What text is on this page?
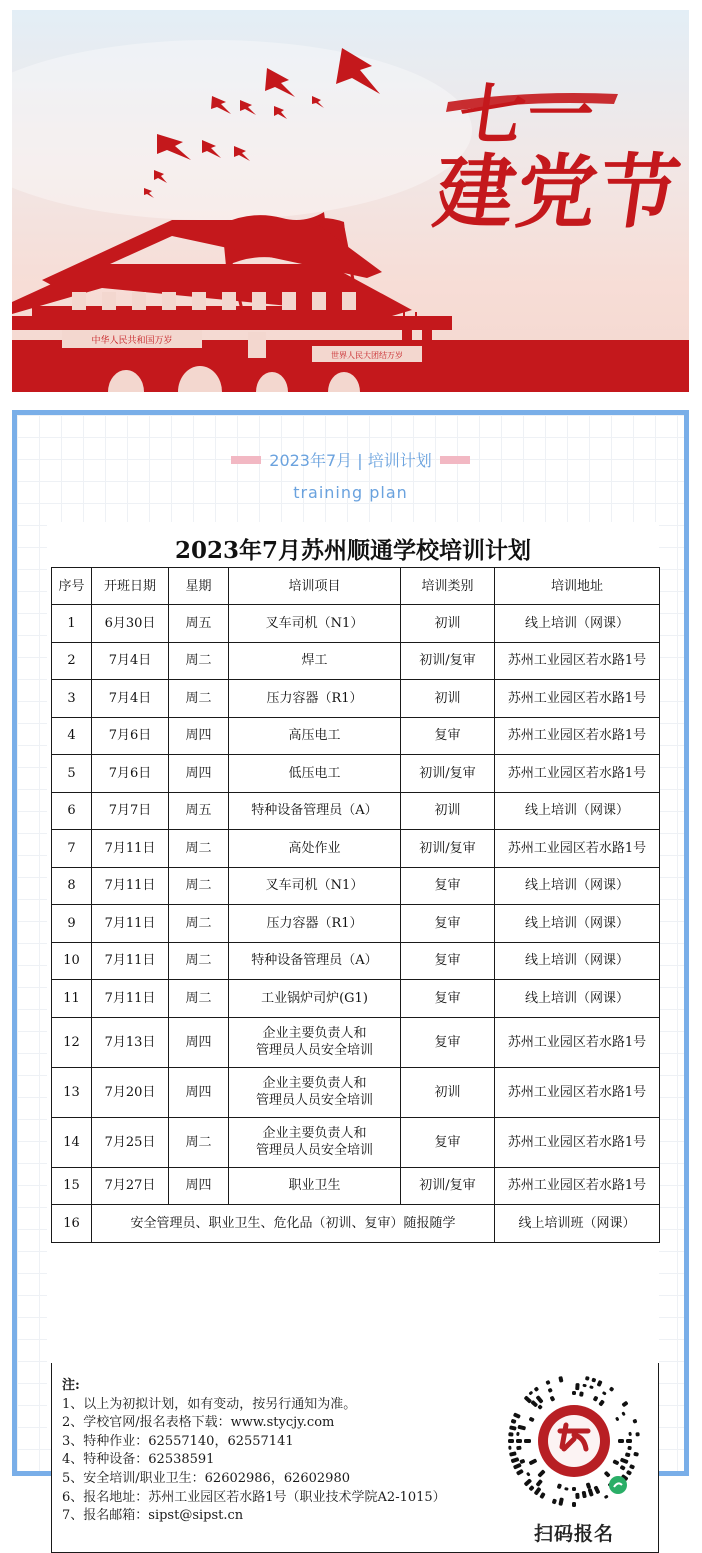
中华人民共和国万岁
世界人民大团结万岁
七一
建党节
2023年7月 | 培训计划
training plan
2023年7月苏州顺通学校培训计划
序号	开班日期	星期	培训项目	培训类别	培训地址
1	6月30日	周五	叉车司机（N1）	初训	线上培训（网课）
2	7月4日	周二	焊工	初训/复审	苏州工业园区若水路1号
3	7月4日	周二	压力容器（R1）	初训	苏州工业园区若水路1号
4	7月6日	周四	高压电工	复审	苏州工业园区若水路1号
5	7月6日	周四	低压电工	初训/复审	苏州工业园区若水路1号
6	7月7日	周五	特种设备管理员（A）	初训	线上培训（网课）
7	7月11日	周二	高处作业	初训/复审	苏州工业园区若水路1号
8	7月11日	周二	叉车司机（N1）	复审	线上培训（网课）
9	7月11日	周二	压力容器（R1）	复审	线上培训（网课）
10	7月11日	周二	特种设备管理员（A）	复审	线上培训（网课）
11	7月11日	周二	工业锅炉司炉(G1)	复审	线上培训（网课）
12	7月13日	周四	企业主要负责人和
管理员人员安全培训	复审	苏州工业园区若水路1号
13	7月20日	周四	企业主要负责人和
管理员人员安全培训	初训	苏州工业园区若水路1号
14	7月25日	周二	企业主要负责人和
管理员人员安全培训	复审	苏州工业园区若水路1号
15	7月27日	周四	职业卫生	初训/复审	苏州工业园区若水路1号
16	安全管理员、职业卫生、危化品（初训、复审）随报随学				线上培训班（网课）
注:
1、以上为初拟计划，如有变动，按另行通知为准。
2、学校官网/报名表格下载：www.stycjy.com
3、特种作业：62557140，62557141
4、特种设备：62538591
5、安全培训/职业卫生：62602986，62602980
6、报名地址：苏州工业园区若水路1号（职业技术学院A2-1015）
7、报名邮箱：sipst@sipst.cn
扫码报名
